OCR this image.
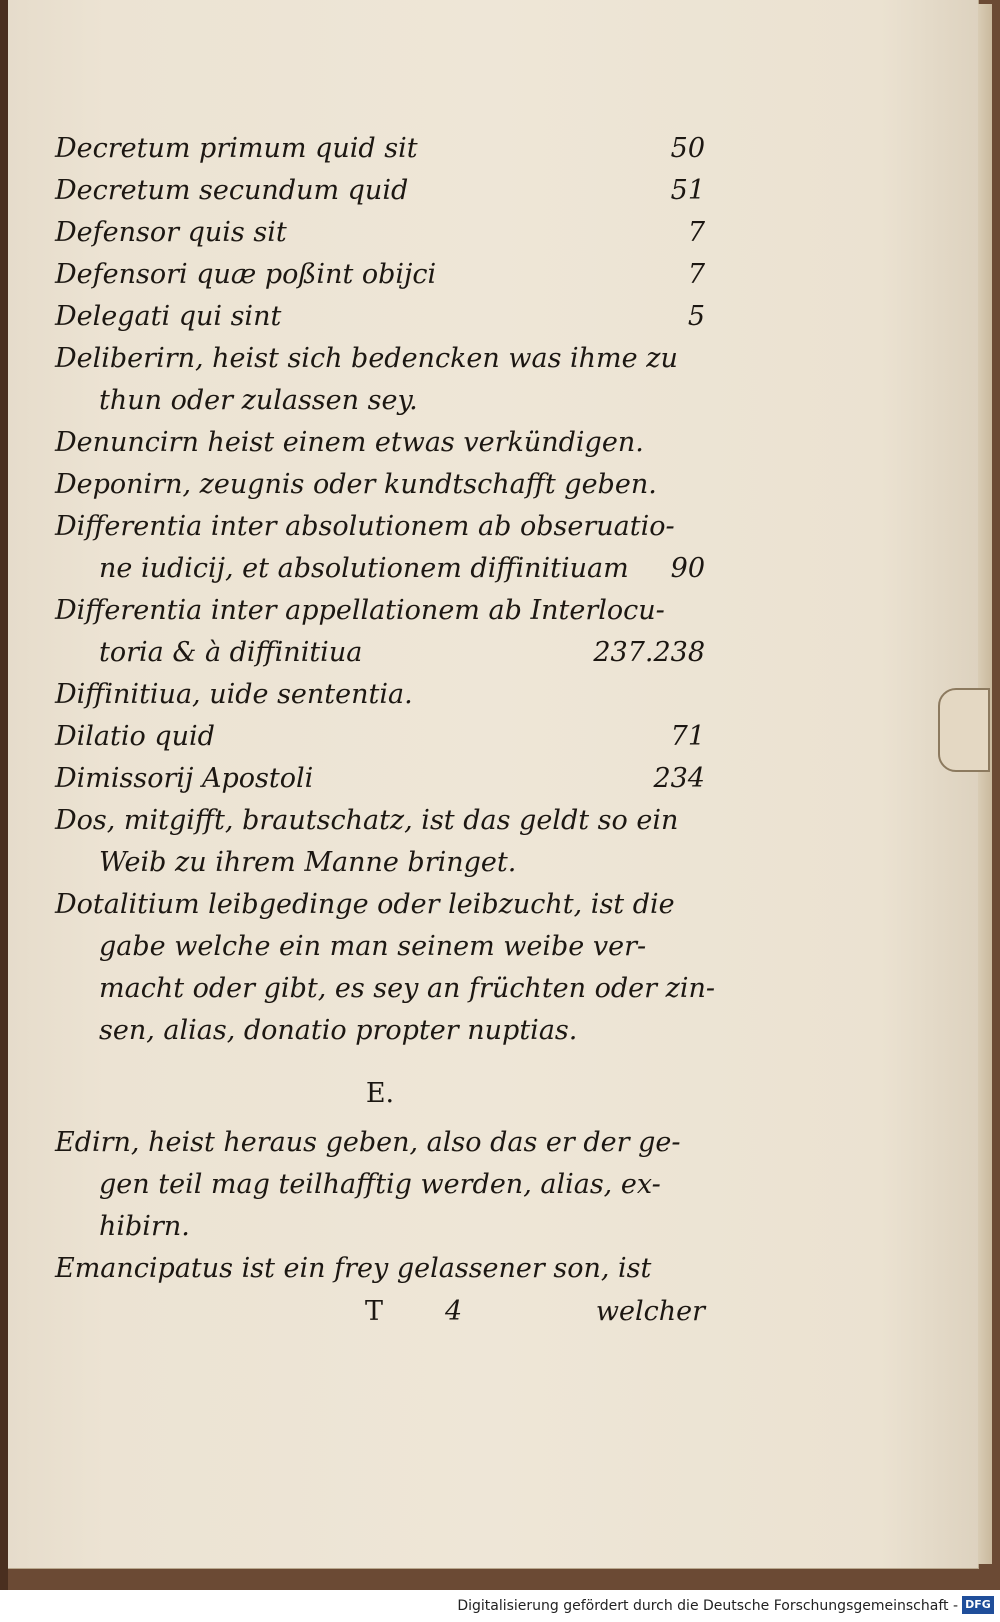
Decretum primum quid sit	50
Decretum secundum quid	51
Defensor quis sit	7
Defensori quæ poßint obijci	7
Delegati qui sint	5
Deliberirn, heist sich bedencken was ihme zu
thun oder zulassen sey.
Denuncirn heist einem etwas verkündigen.
Deponirn, zeugnis oder kundtschafft geben.
Differentia inter absolutionem ab obseruatio-
ne iudicij, et absolutionem diffinitiuam 90
Differentia inter appellationem ab Interlocu-
toria & à diffinitiua	237.238
Diffinitiua, uide sententia.
Dilatio quid	71
Dimissorij Apostoli	234
Dos, mitgifft, brautschatz, ist das geldt so ein
Weib zu ihrem Manne bringet.
Dotalitium leibgedinge oder leibzucht, ist die
gabe welche ein man seinem weibe ver-
macht oder gibt, es sey an früchten oder zin-
sen, alias, donatio propter nuptias.
E.
Edirn, heist heraus geben, also das er der ge-
gen teil mag teilhafftig werden, alias, ex-
hibirn.
Emancipatus ist ein frey gelassener son, ist
T 4	welcher
Digitalisierung gefördert durch die Deutsche Forschungsgemeinschaft - DFG
